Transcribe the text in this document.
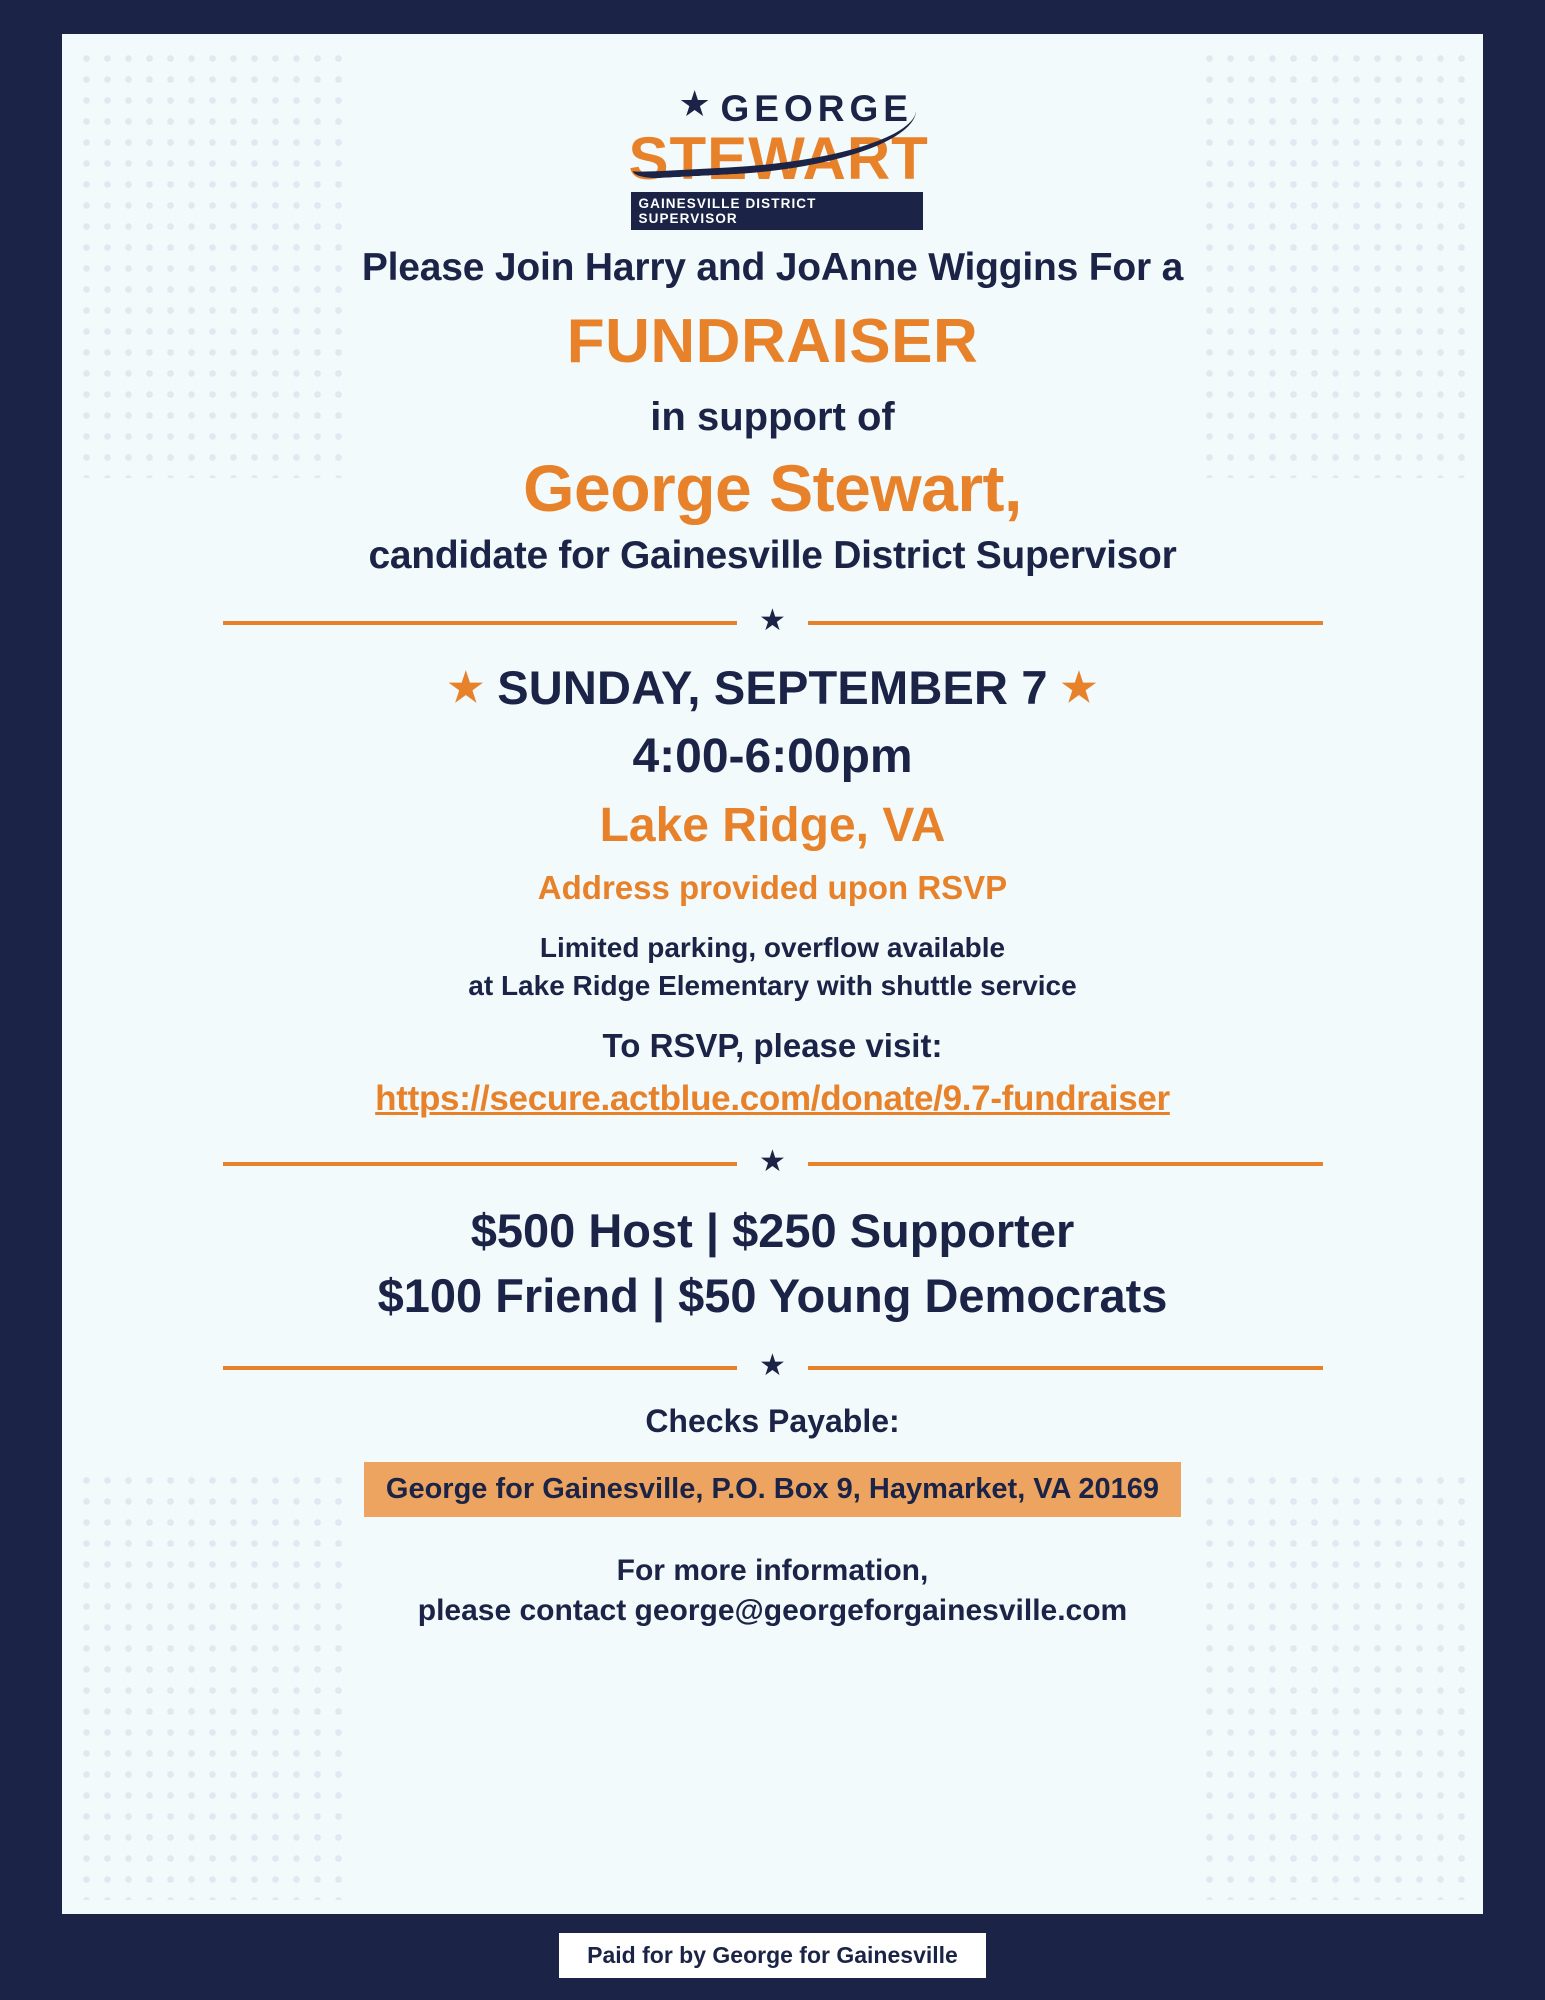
★ GEORGE
STEWART
GAINESVILLE DISTRICT SUPERVISOR
Please Join Harry and JoAnne Wiggins For a
FUNDRAISER
in support of
George Stewart,
candidate for Gainesville District Supervisor
★
★ SUNDAY, SEPTEMBER 7 ★
4:00-6:00pm
Lake Ridge, VA
Address provided upon RSVP
Limited parking, overflow available
at Lake Ridge Elementary with shuttle service
To RSVP, please visit:
https://secure.actblue.com/donate/9.7-fundraiser
★
$500 Host | $250 Supporter
$100 Friend | $50 Young Democrats
★
Checks Payable:
George for Gainesville, P.O. Box 9, Haymarket, VA 20169
For more information,
please contact george@georgeforgainesville.com
Paid for by George for Gainesville
